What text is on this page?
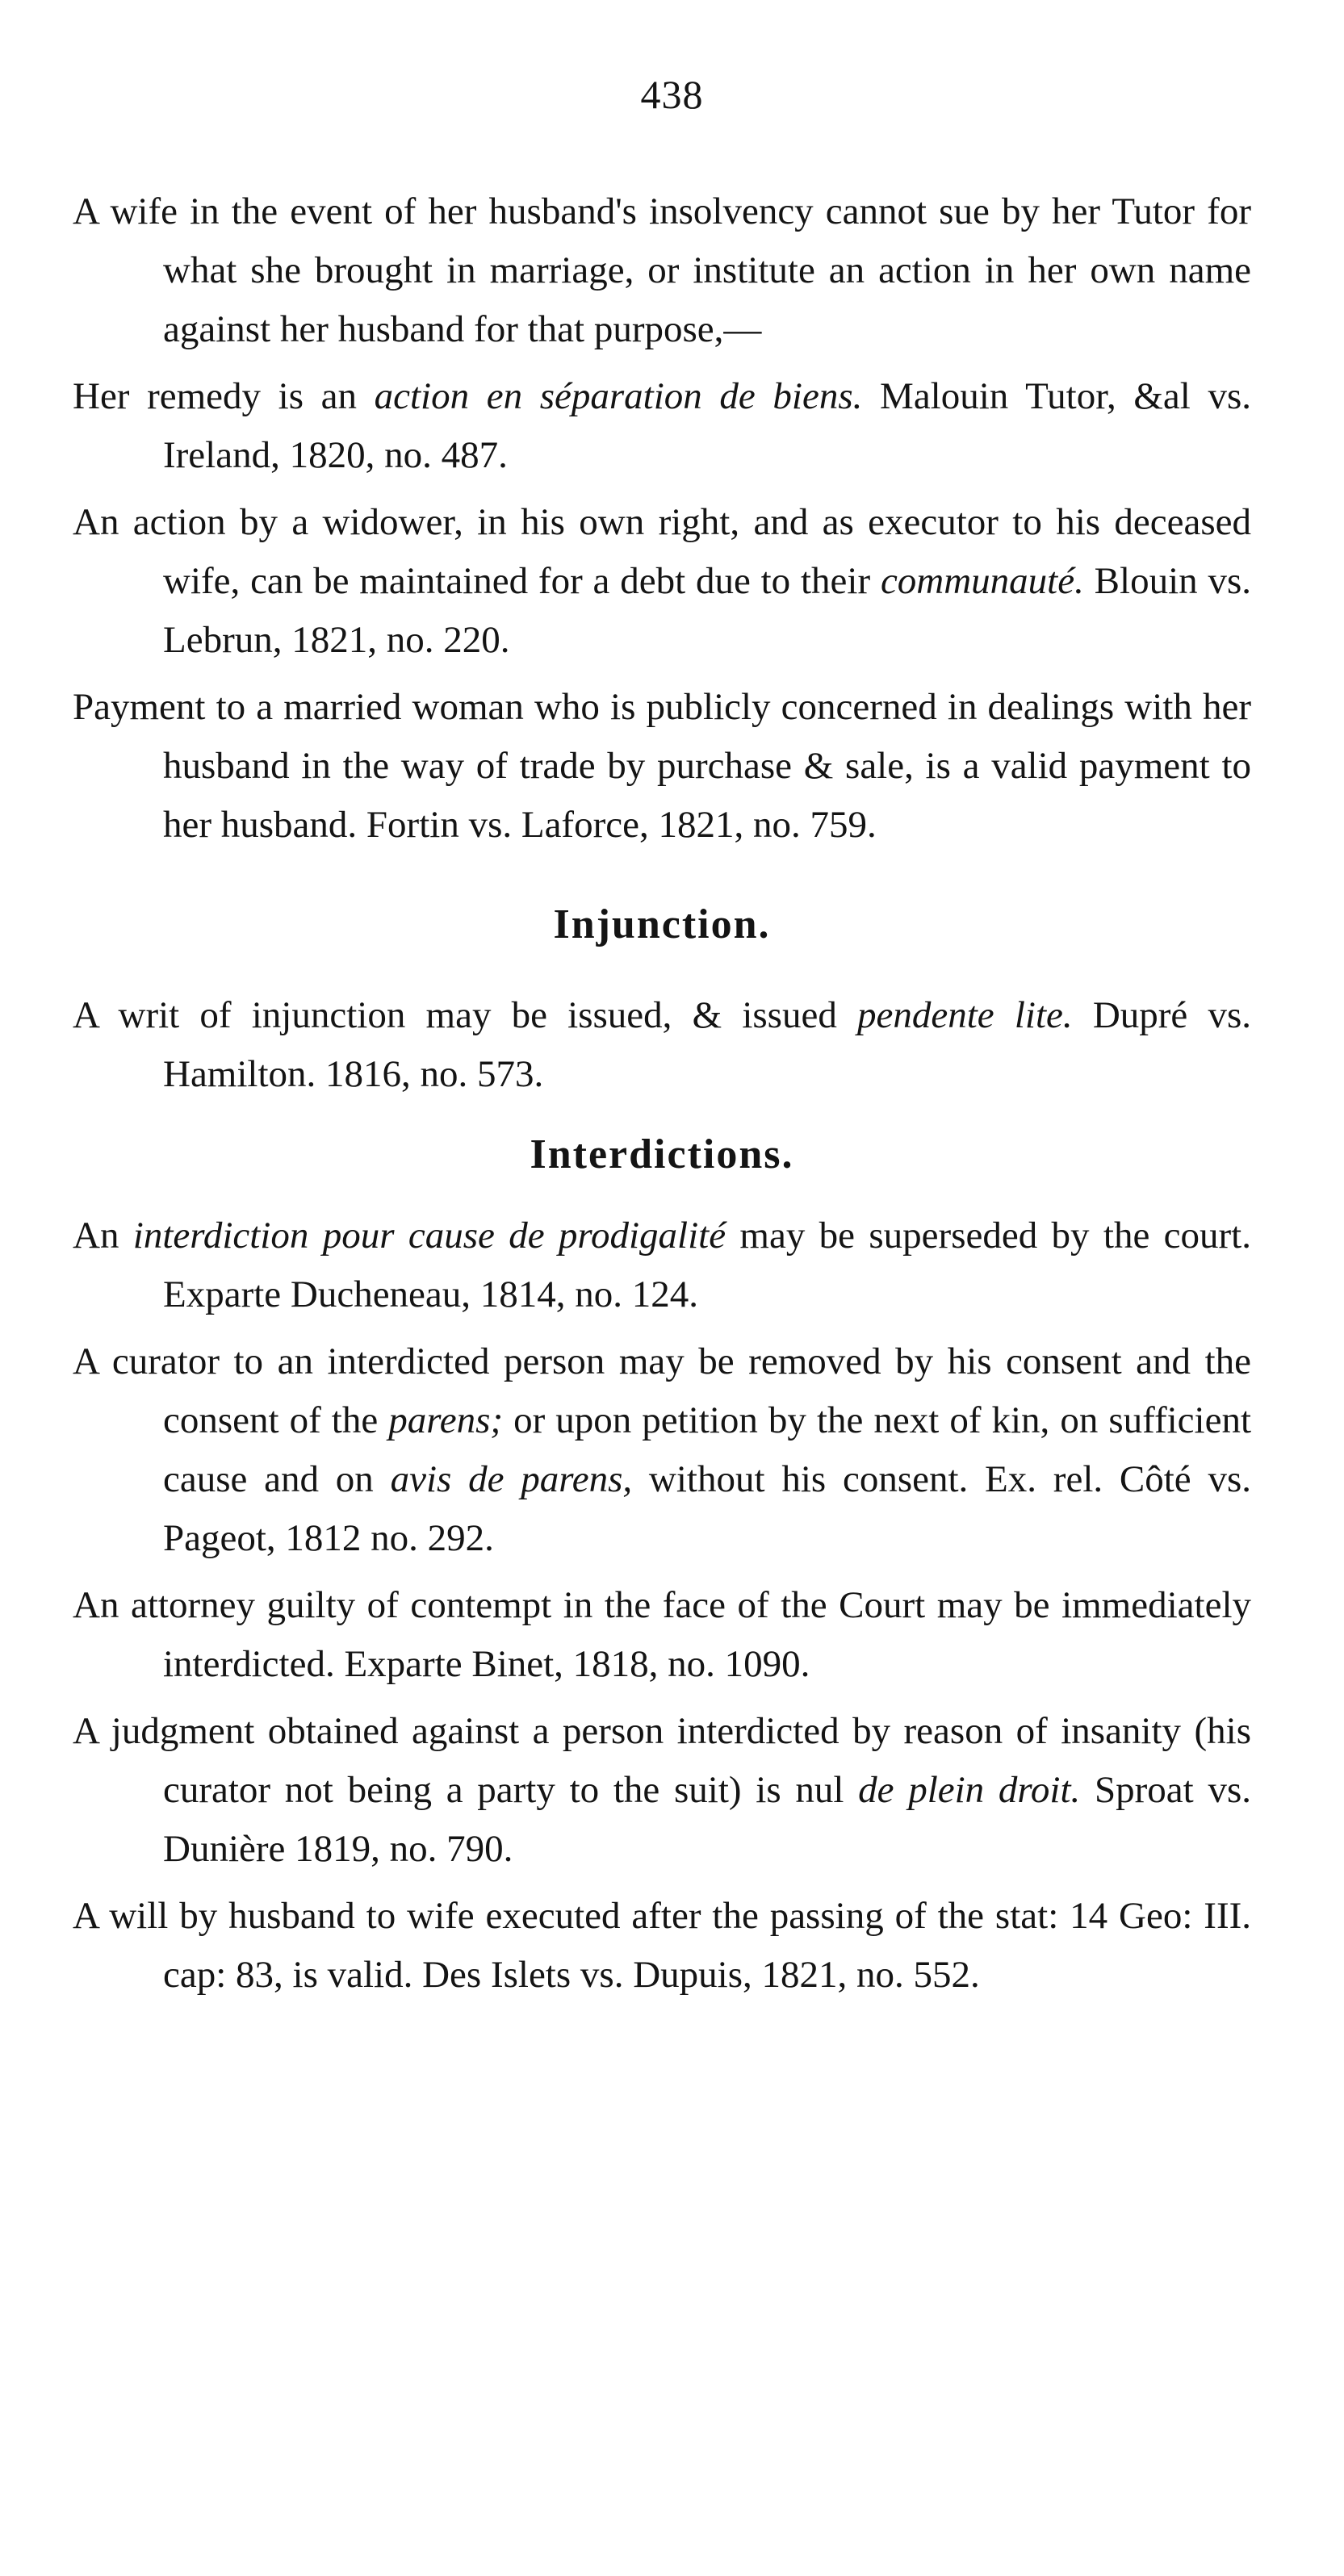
438

A wife in the event of her husband's insolvency cannot sue by her Tutor for what she brought in marriage, or institute an action in her own name against her husband for that purpose,—

Her remedy is an action en séparation de biens. Malouin Tutor, &al vs. Ireland, 1820, no. 487.

An action by a widower, in his own right, and as executor to his deceased wife, can be maintained for a debt due to their communauté. Blouin vs. Lebrun, 1821, no. 220.

Payment to a married woman who is publicly concerned in dealings with her husband in the way of trade by purchase & sale, is a valid payment to her husband. Fortin vs. Laforce, 1821, no. 759.

Injunction.

A writ of injunction may be issued, & issued pendente lite. Dupré vs. Hamilton. 1816, no. 573.

Interdictions.

An interdiction pour cause de prodigalité may be superseded by the court. Exparte Ducheneau, 1814, no. 124.

A curator to an interdicted person may be removed by his consent and the consent of the parens; or upon petition by the next of kin, on sufficient cause and on avis de parens, without his consent. Ex. rel. Côté vs. Pageot, 1812 no. 292.

An attorney guilty of contempt in the face of the Court may be immediately interdicted. Exparte Binet, 1818, no. 1090.

A judgment obtained against a person interdicted by reason of insanity (his curator not being a party to the suit) is nul de plein droit. Sproat vs. Dunière 1819, no. 790.

A will by husband to wife executed after the passing of the stat: 14 Geo: III. cap: 83, is valid. Des Islets vs. Dupuis, 1821, no. 552.
